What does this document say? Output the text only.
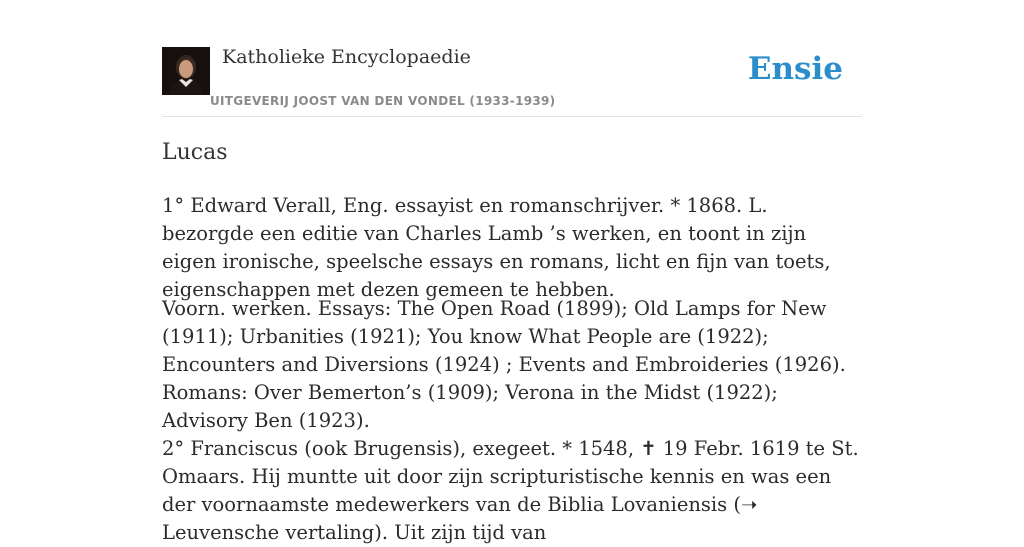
Katholieke Encyclopaedie
UITGEVERIJ JOOST VAN DEN VONDEL (1933-1939)
Ensie
Lucas

1° Edward Verall, Eng. essayist en romanschrijver. * 1868. L. bezorgde een editie van Charles Lamb ’s werken, en toont in zijn eigen ironische, speelsche essays en romans, licht en fijn van toets, eigenschappen met dezen gemeen te hebben.

Voorn. werken. Essays: The Open Road (1899); Old Lamps for New (1911); Urbanities (1921); You know What People are (1922); Encounters and Diversions (1924) ; Events and Embroideries (1926). Romans: Over Bemerton’s (1909); Verona in the Midst (1922); Advisory Ben (1923).

2° Franciscus (ook Brugensis), exegeet. * 1548, ✝ 19 Febr. 1619 te St. Omaars. Hij muntte uit door zijn scripturistische kennis en was een der voornaamste medewerkers van de Biblia Lovaniensis (➝ Leuvensche vertaling). Uit zijn tijd van
